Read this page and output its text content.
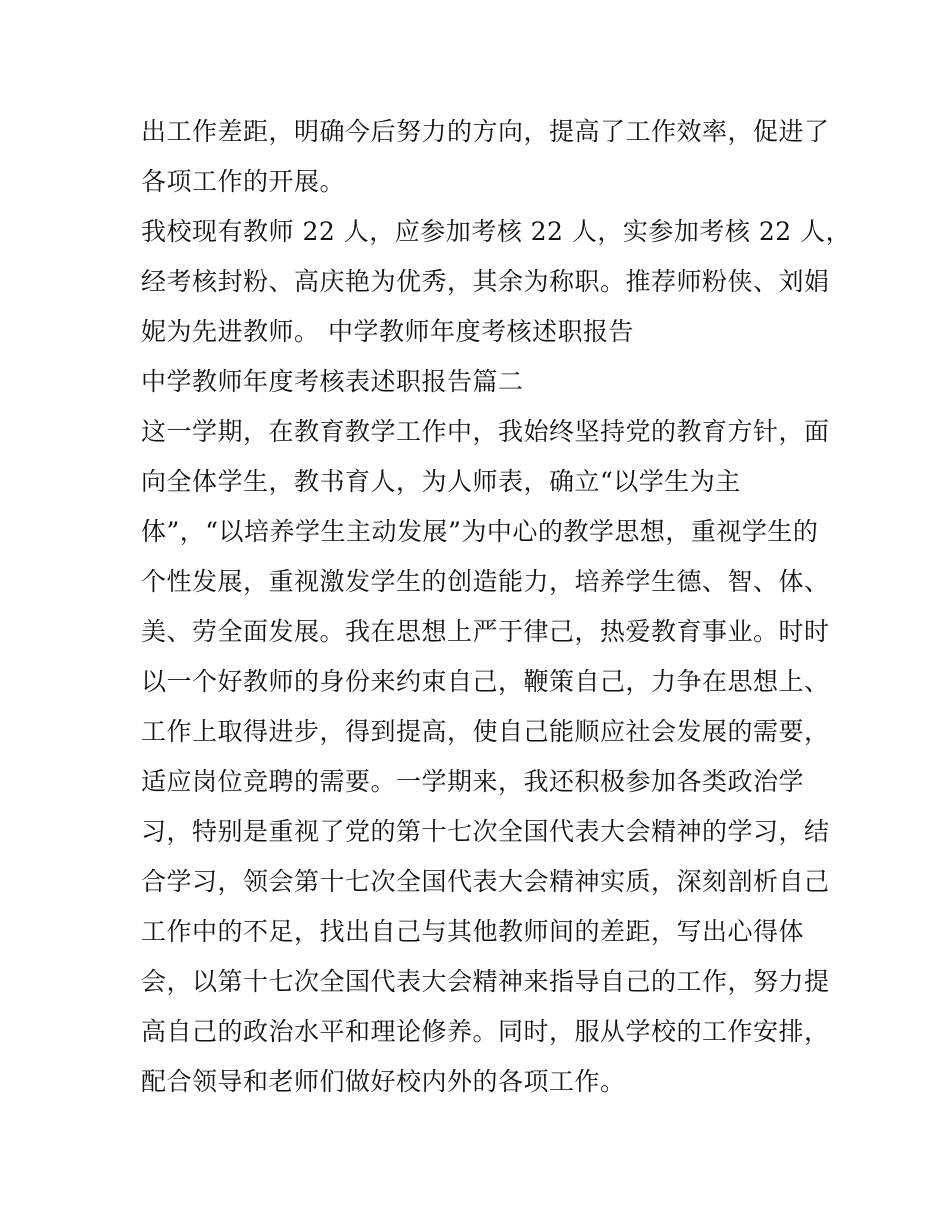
出工作差距，明确今后努力的方向，提高了工作效率，促进了
各项工作的开展。
我校现有教师 22 人，应参加考核 22 人，实参加考核 22 人，
经考核封粉、高庆艳为优秀，其余为称职。推荐师粉侠、刘娟
妮为先进教师。 中学教师年度考核述职报告
中学教师年度考核表述职报告篇二
这一学期，在教育教学工作中，我始终坚持党的教育方针，面
向全体学生，教书育人，为人师表，确立“以学生为主
体”，“以培养学生主动发展”为中心的教学思想，重视学生的
个性发展，重视激发学生的创造能力，培养学生德、智、体、
美、劳全面发展。我在思想上严于律己，热爱教育事业。时时
以一个好教师的身份来约束自己，鞭策自己，力争在思想上、
工作上取得进步，得到提高，使自己能顺应社会发展的需要，
适应岗位竞聘的需要。一学期来，我还积极参加各类政治学
习，特别是重视了党的第十七次全国代表大会精神的学习，结
合学习，领会第十七次全国代表大会精神实质，深刻剖析自己
工作中的不足，找出自己与其他教师间的差距，写出心得体
会，以第十七次全国代表大会精神来指导自己的工作，努力提
高自己的政治水平和理论修养。同时，服从学校的工作安排，
配合领导和老师们做好校内外的各项工作。
